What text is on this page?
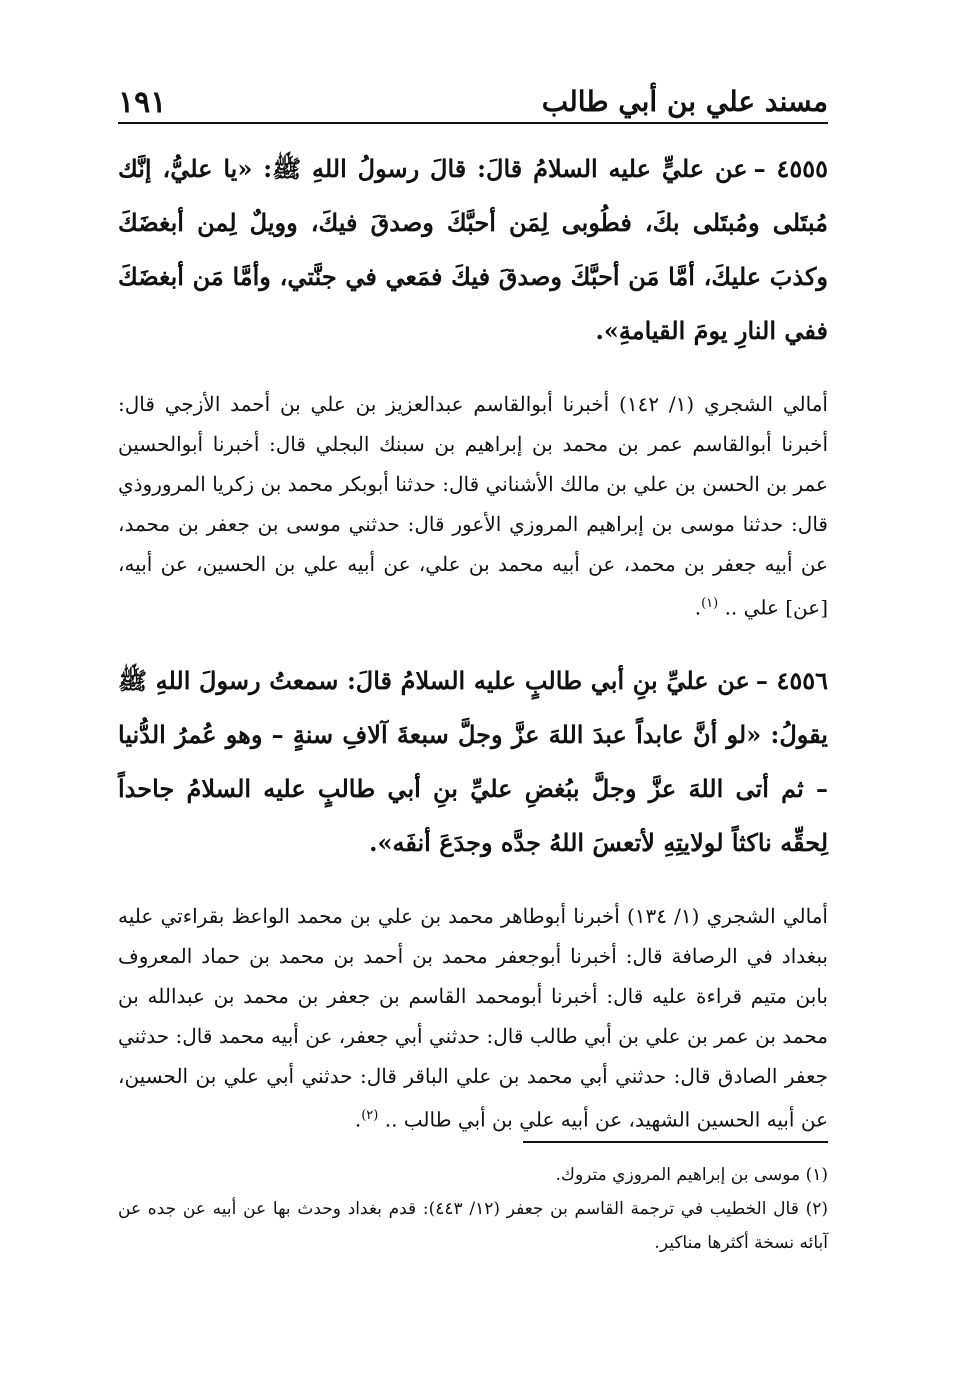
مسند علي بن أبي طالب
١٩١

٤٥٥٥ –عن عليٍّ عليه السلامُ قالَ: قالَ رسولُ اللهِ ﷺ: «يا عليُّ، إنَّك مُبتَلى ومُبتَلى بكَ، فطُوبى لِمَن أحبَّكَ وصدقَ فيكَ، وويلٌ لِمن أبغضَكَ وكذبَ عليكَ، أمَّا مَن أحبَّكَ وصدقَ فيكَ فمَعي في جنَّتي، وأمَّا مَن أبغضَكَ ففي النارِ يومَ القيامةِ».

أمالي الشجري (١/ ١٤٢) أخبرنا أبوالقاسم عبدالعزيز بن علي بن أحمد الأزجي قال: أخبرنا أبوالقاسم عمر بن محمد بن إبراهيم بن سبنك البجلي قال: أخبرنا أبوالحسين عمر بن الحسن بن علي بن مالك الأشناني قال: حدثنا أبوبكر محمد بن زكريا المروروذي قال: حدثنا موسى بن إبراهيم المروزي الأعور قال: حدثني موسى بن جعفر بن محمد، عن أبيه جعفر بن محمد، عن أبيه محمد بن علي، عن أبيه علي بن الحسين، عن أبيه، [عن] علي .. $^{(١)}$.

٤٥٥٦ –عن عليِّ بنِ أبي طالبٍ عليه السلامُ قالَ: سمعتُ رسولَ اللهِ ﷺ يقولُ: «لو أنَّ عابداً عبدَ اللهَ عزَّ وجلَّ سبعةَ آلافِ سنةٍ – وهو عُمرُ الدُّنيا – ثم أتى اللهَ عزَّ وجلَّ ببُغضِ عليِّ بنِ أبي طالبٍ عليه السلامُ جاحداً لِحقِّه ناكثاً لولايتِهِ لأتعسَ اللهُ جدَّه وجدَعَ أنفَه».

أمالي الشجري (١/ ١٣٤) أخبرنا أبوطاهر محمد بن علي بن محمد الواعظ بقراءتي عليه ببغداد في الرصافة قال: أخبرنا أبوجعفر محمد بن أحمد بن محمد بن حماد المعروف بابن متيم قراءة عليه قال: أخبرنا أبومحمد القاسم بن جعفر بن محمد بن عبدالله بن محمد بن عمر بن علي بن أبي طالب قال: حدثني أبي جعفر، عن أبيه محمد قال: حدثني جعفر الصادق قال: حدثني أبي محمد بن علي الباقر قال: حدثني أبي علي بن الحسين، عن أبيه الحسين الشهيد، عن أبيه علي بن أبي طالب .. $^{(٢)}$.

(١) موسى بن إبراهيم المروزي متروك.

(٢) قال الخطيب في ترجمة القاسم بن جعفر (١٢/ ٤٤٣): قدم بغداد وحدث بها عن أبيه عن جده عن آبائه نسخة أكثرها مناكير.
